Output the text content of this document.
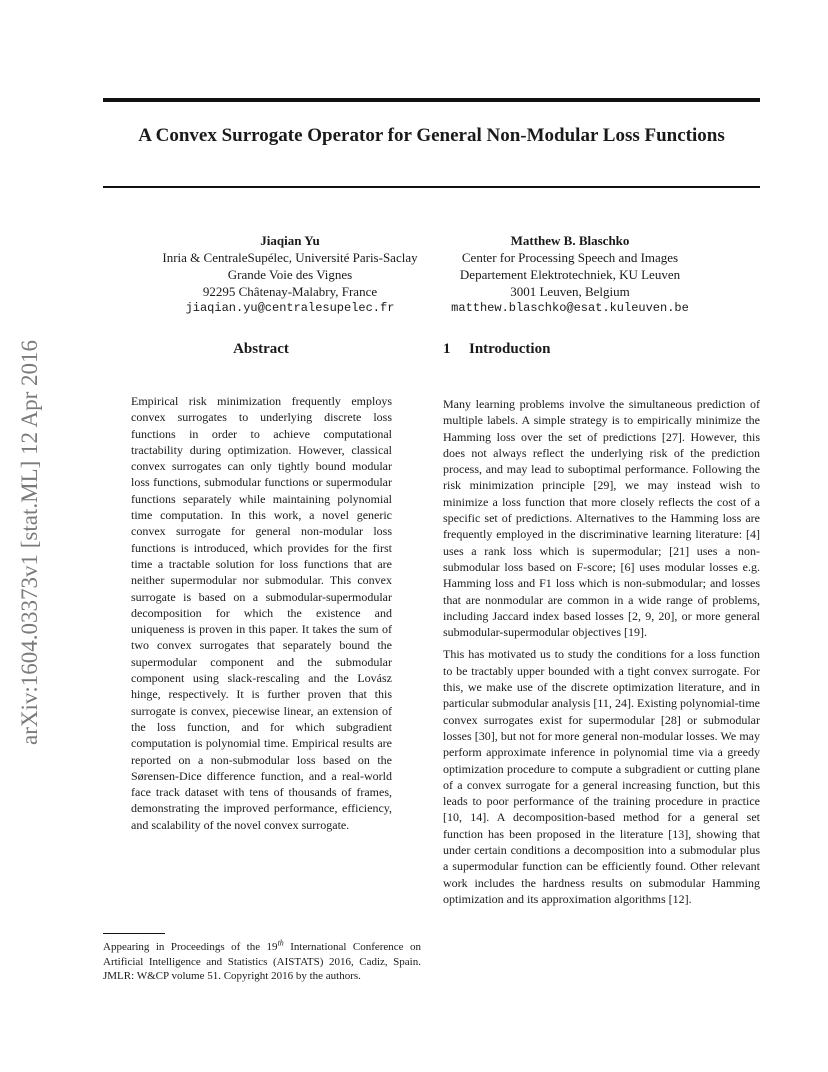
A Convex Surrogate Operator for General Non-Modular Loss Functions
Jiaqian Yu
Inria & CentraleSupélec, Université Paris-Saclay
Grande Voie des Vignes
92295 Châtenay-Malabry, France
jiaqian.yu@centralesupelec.fr
Matthew B. Blaschko
Center for Processing Speech and Images
Departement Elektrotechniek, KU Leuven
3001 Leuven, Belgium
matthew.blaschko@esat.kuleuven.be
arXiv:1604.03373v1 [stat.ML] 12 Apr 2016	Abstract
Empirical risk minimization frequently employs convex surrogates to underlying discrete loss functions in order to achieve computational tractability during optimization. However, classical convex surrogates can only tightly bound modular loss functions, submodular functions or supermodular functions separately while maintaining polynomial time computation. In this work, a novel generic convex surrogate for general non-modular loss functions is introduced, which provides for the first time a tractable solution for loss functions that are neither supermodular nor submodular. This convex surrogate is based on a submodular-supermodular decomposition for which the existence and uniqueness is proven in this paper. It takes the sum of two convex surrogates that separately bound the supermodular component and the submodular component using slack-rescaling and the Lovász hinge, respectively. It is further proven that this surrogate is convex, piecewise linear, an extension of the loss function, and for which subgradient computation is polynomial time. Empirical results are reported on a non-submodular loss based on the Sørensen-Dice difference function, and a real-world face track dataset with tens of thousands of frames, demonstrating the improved performance, efficiency, and scalability of the novel convex surrogate.
1 Introduction

Many learning problems involve the simultaneous prediction of multiple labels. A simple strategy is to empirically minimize the Hamming loss over the set of predictions [27]. However, this does not always reflect the underlying risk of the prediction process, and may lead to suboptimal performance. Following the risk minimization principle [29], we may instead wish to minimize a loss function that more closely reflects the cost of a specific set of predictions. Alternatives to the Hamming loss are frequently employed in the discriminative learning literature: [4] uses a rank loss which is supermodular; [21] uses a non-submodular loss based on F-score; [6] uses modular losses e.g. Hamming loss and F1 loss which is non-submodular; and losses that are nonmodular are common in a wide range of problems, including Jaccard index based losses [2, 9, 20], or more general submodular-supermodular objectives [19].

This has motivated us to study the conditions for a loss function to be tractably upper bounded with a tight convex surrogate. For this, we make use of the discrete optimization literature, and in particular submodular analysis [11, 24]. Existing polynomial-time convex surrogates exist for supermodular [28] or submodular losses [30], but not for more general non-modular losses. We may perform approximate inference in polynomial time via a greedy optimization procedure to compute a subgradient or cutting plane of a convex surrogate for a general increasing function, but this leads to poor performance of the training procedure in practice [10, 14]. A decomposition-based method for a general set function has been proposed in the literature [13], showing that under certain conditions a decomposition into a submodular plus a supermodular function can be efficiently found. Other relevant work includes the hardness results on submodular Hamming optimization and its approximation algorithms [12].

Appearing in Proceedings of the 19th International Conference on Artificial Intelligence and Statistics (AISTATS) 2016, Cadiz, Spain. JMLR: W&CP volume 51. Copyright 2016 by the authors.
